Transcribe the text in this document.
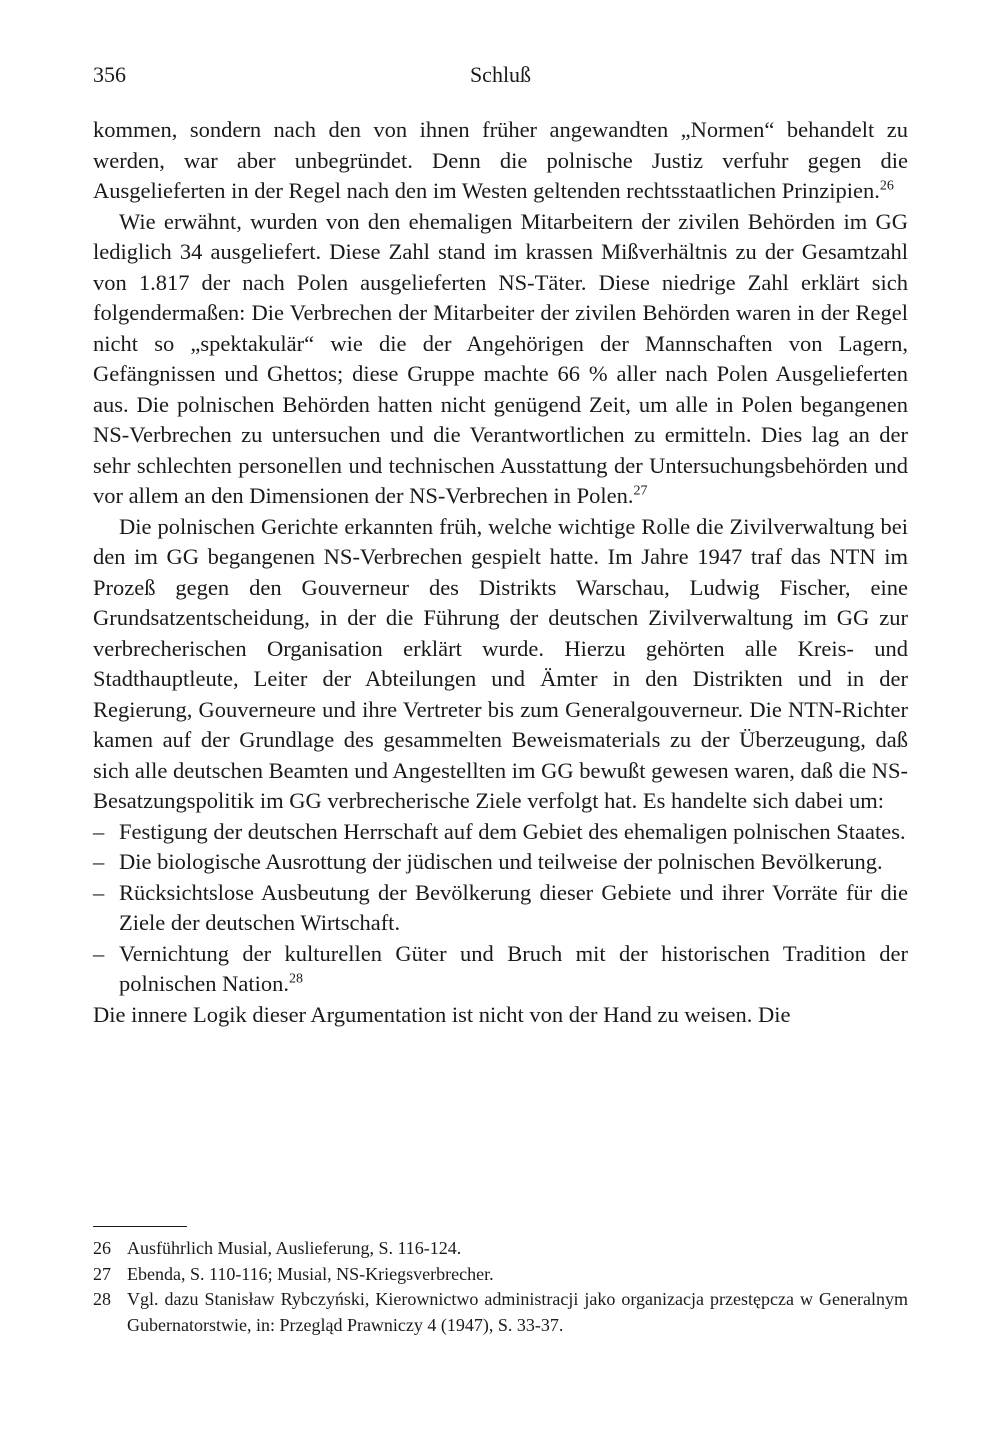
356	Schluß

kommen, sondern nach den von ihnen früher angewandten „Normen“ behandelt zu werden, war aber unbegründet. Denn die polnische Justiz verfuhr gegen die Ausgelieferten in der Regel nach den im Westen geltenden rechtsstaatlichen Prinzipien.$^{26}$

Wie erwähnt, wurden von den ehemaligen Mitarbeitern der zivilen Behörden im GG lediglich 34 ausgeliefert. Diese Zahl stand im krassen Mißverhältnis zu der Gesamtzahl von 1.817 der nach Polen ausgelieferten NS-Täter. Diese niedrige Zahl erklärt sich folgendermaßen: Die Verbrechen der Mitarbeiter der zivilen Behörden waren in der Regel nicht so „spektakulär“ wie die der Angehörigen der Mannschaften von Lagern, Gefängnissen und Ghettos; diese Gruppe machte 66 % aller nach Polen Ausgelieferten aus. Die polnischen Behörden hatten nicht genügend Zeit, um alle in Polen begangenen NS-Verbrechen zu untersuchen und die Verantwortlichen zu ermitteln. Dies lag an der sehr schlechten personellen und technischen Ausstattung der Untersuchungsbehörden und vor allem an den Dimensionen der NS-Verbrechen in Polen.$^{27}$

Die polnischen Gerichte erkannten früh, welche wichtige Rolle die Zivilverwaltung bei den im GG begangenen NS-Verbrechen gespielt hatte. Im Jahre 1947 traf das NTN im Prozeß gegen den Gouverneur des Distrikts Warschau, Ludwig Fischer, eine Grundsatzentscheidung, in der die Führung der deutschen Zivilverwaltung im GG zur verbrecherischen Organisation erklärt wurde. Hierzu gehörten alle Kreis- und Stadthauptleute, Leiter der Abteilungen und Ämter in den Distrikten und in der Regierung, Gouverneure und ihre Vertreter bis zum Generalgouverneur. Die NTN-Richter kamen auf der Grundlage des gesammelten Beweismaterials zu der Überzeugung, daß sich alle deutschen Beamten und Angestellten im GG bewußt gewesen waren, daß die NS-Besatzungspolitik im GG verbrecherische Ziele verfolgt hat. Es handelte sich dabei um:

– Festigung der deutschen Herrschaft auf dem Gebiet des ehemaligen polnischen Staates.
– Die biologische Ausrottung der jüdischen und teilweise der polnischen Bevölkerung.
– Rücksichtslose Ausbeutung der Bevölkerung dieser Gebiete und ihrer Vorräte für die Ziele der deutschen Wirtschaft.
– Vernichtung der kulturellen Güter und Bruch mit der historischen Tradition der polnischen Nation.$^{28}$

Die innere Logik dieser Argumentation ist nicht von der Hand zu weisen. Die

26 Ausführlich Musial, Auslieferung, S. 116-124.
27 Ebenda, S. 110-116; Musial, NS-Kriegsverbrecher.
28 Vgl. dazu Stanisław Rybczyński, Kierownictwo administracji jako organizacja przestępcza w Generalnym Gubernatorstwie, in: Przegląd Prawniczy 4 (1947), S. 33-37.
